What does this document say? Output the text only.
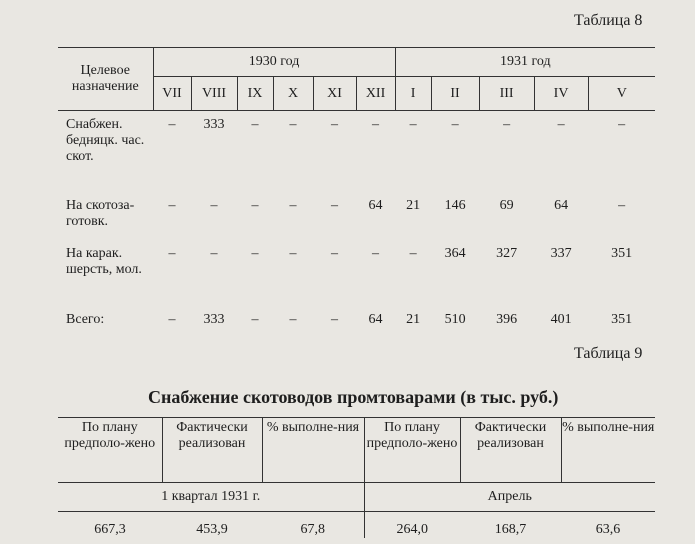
Таблица 8
Целевое назначение	1930 год						1931 год				
	VII	VIII	IX	X	XI	XII	I	II	III	IV	V
Снабжен. бедняцк. час. скот.	–	333	–	–	–	–	–	–	–	–	–
На скотоза-готовк.	–	–	–	–	–	64	21	146	69	64	–
На карак. шерсть, мол.	–	–	–	–	–	–	–	364	327	337	351
Всего:	–	333	–	–	–	64	21	510	396	401	351
Таблица 9
Снабжение скотоводов промтоварами (в тыс. руб.)
По плану предполо-жено	Фактически реализован	% выполне-ния	По плану предполо-жено	Фактически реализован	% выполне-ния
1 квартал 1931 г.			Апрель		
667,3	453,9	67,8	264,0	168,7	63,6
